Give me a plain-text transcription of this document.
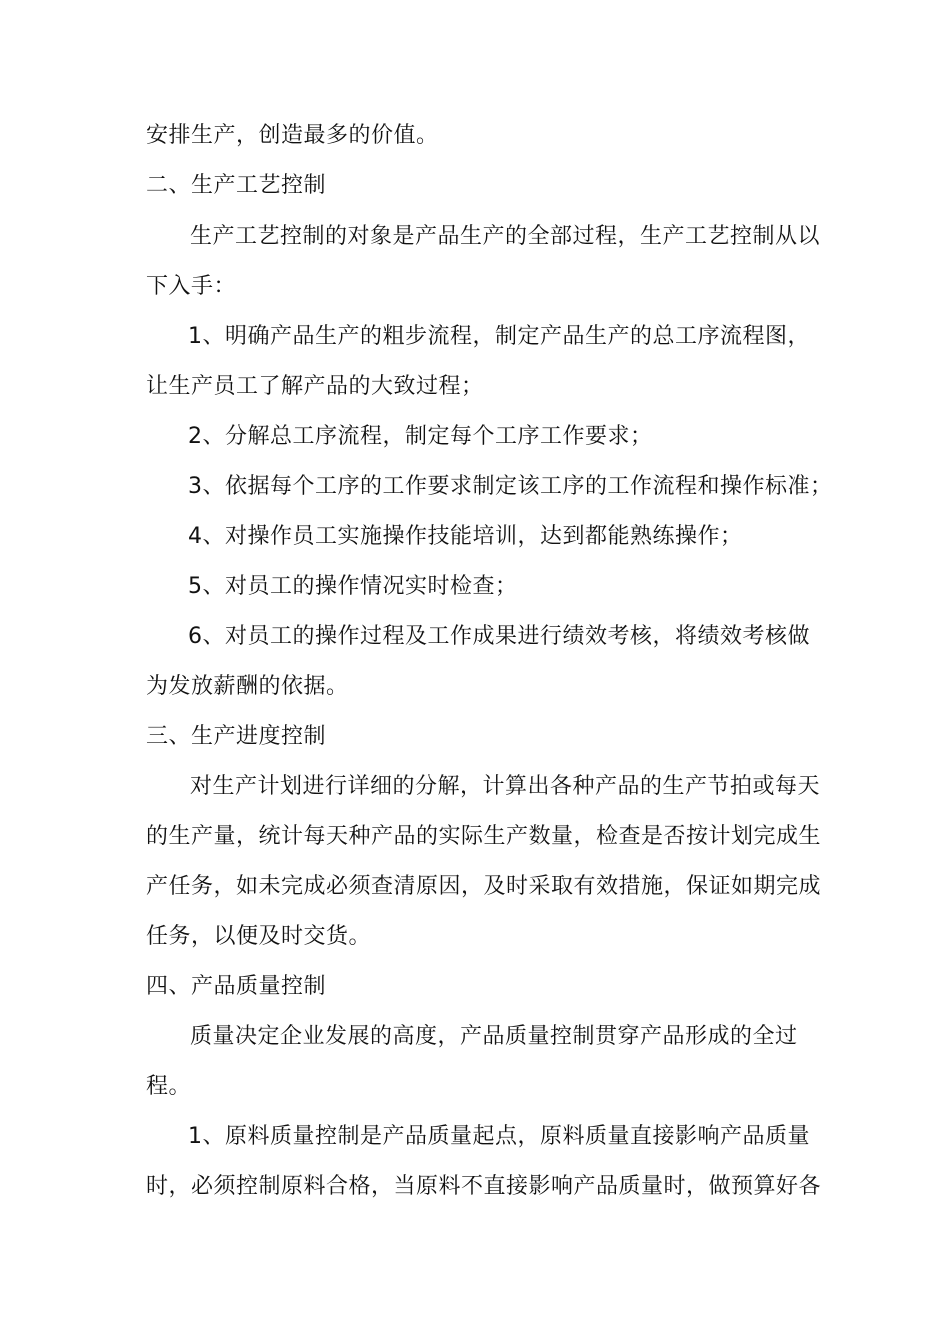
安排生产，创造最多的价值。
二、生产工艺控制
生产工艺控制的对象是产品生产的全部过程，生产工艺控制从以
下入手：
1、明确产品生产的粗步流程，制定产品生产的总工序流程图，
让生产员工了解产品的大致过程；
2、分解总工序流程，制定每个工序工作要求；
3、依据每个工序的工作要求制定该工序的工作流程和操作标准；
4、对操作员工实施操作技能培训，达到都能熟练操作；
5、对员工的操作情况实时检查；
6、对员工的操作过程及工作成果进行绩效考核，将绩效考核做
为发放薪酬的依据。
三、生产进度控制
对生产计划进行详细的分解，计算出各种产品的生产节拍或每天
的生产量，统计每天种产品的实际生产数量，检查是否按计划完成生
产任务，如未完成必须查清原因，及时采取有效措施，保证如期完成
任务，以便及时交货。
四、产品质量控制
质量决定企业发展的高度，产品质量控制贯穿产品形成的全过
程。
1、原料质量控制是产品质量起点，原料质量直接影响产品质量
时，必须控制原料合格，当原料不直接影响产品质量时，做预算好各
